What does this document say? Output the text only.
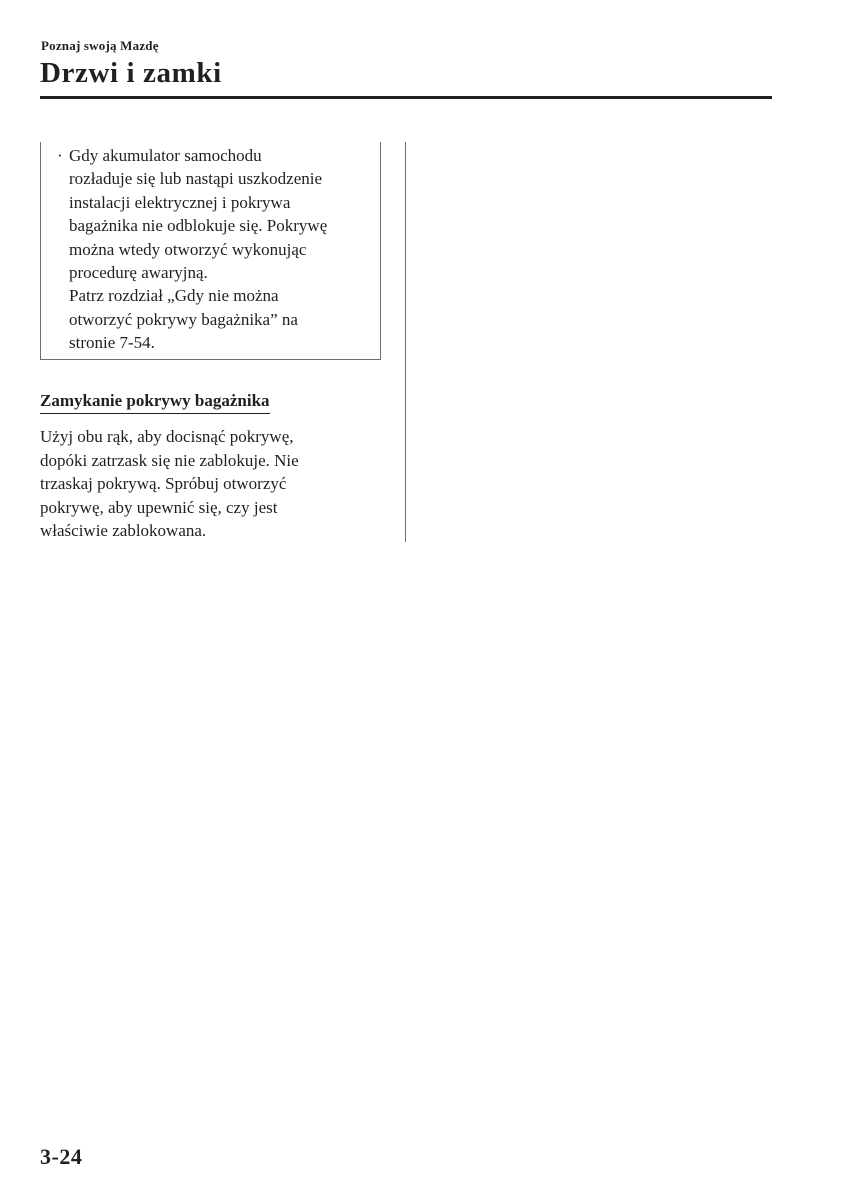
Poznaj swoją Mazdę
Drzwi i zamki
· Gdy akumulator samochodu
rozładuje się lub nastąpi uszkodzenie
instalacji elektrycznej i pokrywa
bagażnika nie odblokuje się. Pokrywę
można wtedy otworzyć wykonując
procedurę awaryjną.
Patrz rozdział „Gdy nie można
otworzyć pokrywy bagażnika” na
stronie 7-54.
Zamykanie pokrywy bagażnika
Użyj obu rąk, aby docisnąć pokrywę,
dopóki zatrzask się nie zablokuje. Nie
trzaskaj pokrywą. Spróbuj otworzyć
pokrywę, aby upewnić się, czy jest
właściwie zablokowana.
3-24
